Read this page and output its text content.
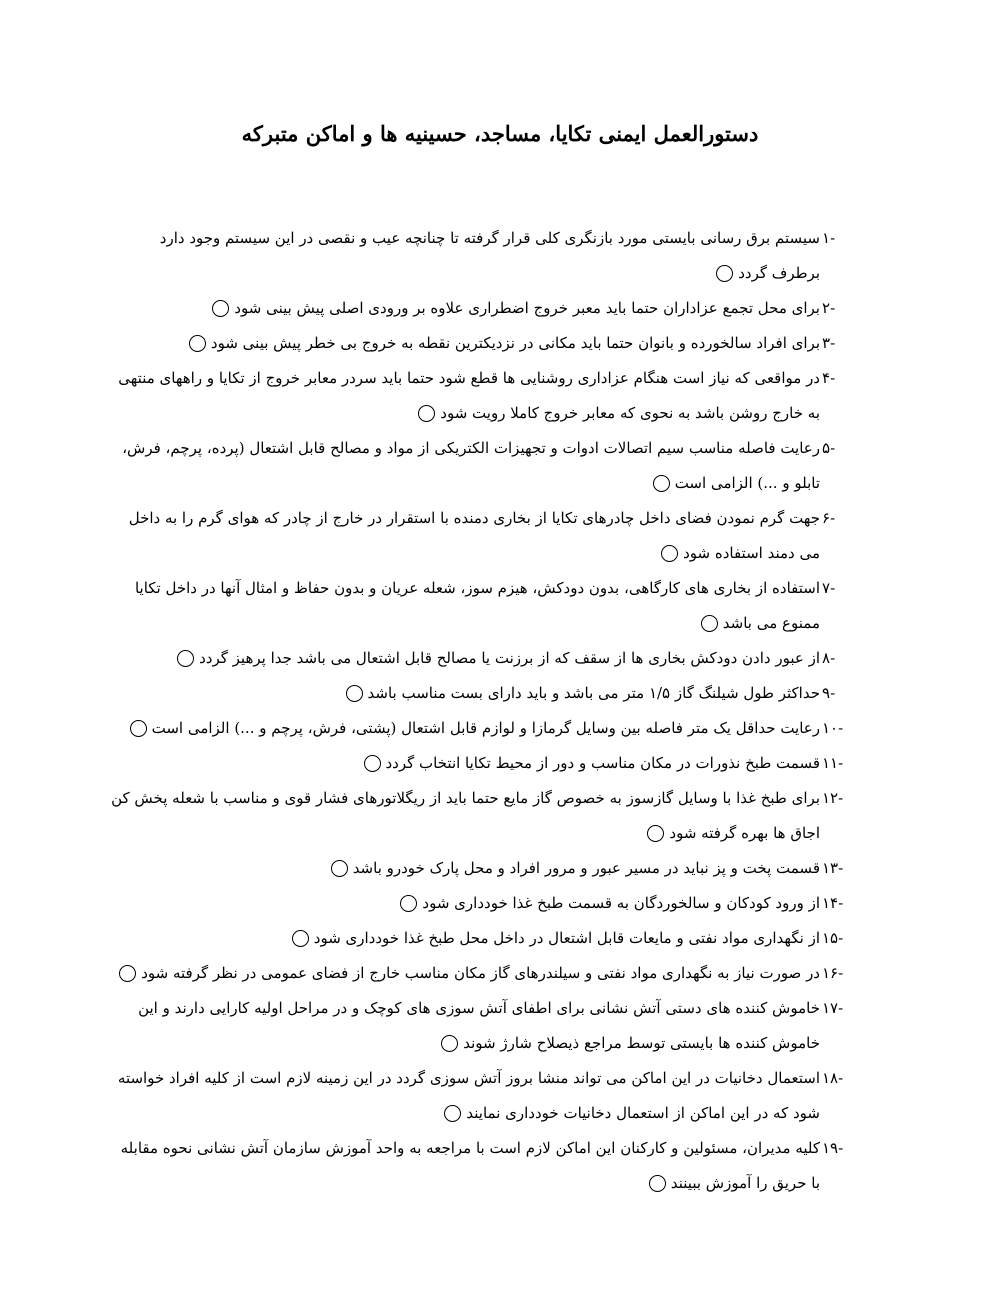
دستورالعمل ایمنی تکایا، مساجد، حسینیه ها و اماکن متبرکه
-۱
سیستم برق رسانی بایستی مورد بازنگری کلی قرار گرفته تا چنانچه عیب و نقصی در این سیستم وجود دارد برطرف گردد
-۲
برای محل تجمع عزاداران حتما باید معبر خروج اضطراری علاوه بر ورودی اصلی پیش بینی شود
-۳
برای افراد سالخورده و بانوان حتما باید مکانی در نزدیکترین نقطه به خروج بی خطر پیش بینی شود
-۴
در مواقعی که نیاز است هنگام عزاداری روشنایی ها قطع شود حتما باید سردر معابر خروج از تکایا و راههای منتهی به خارج روشن باشد به نحوی که معابر خروج کاملا رویت شود
-۵
رعایت فاصله مناسب سیم اتصالات ادوات و تجهیزات الکتریکی از مواد و مصالح قابل اشتعال (پرده، پرچم، فرش، تابلو و ...) الزامی است
-۶
جهت گرم نمودن فضای داخل چادرهای تکایا از بخاری دمنده با استقرار در خارج از چادر که هوای گرم را به داخل می دمند استفاده شود
-۷
استفاده از بخاری های کارگاهی، بدون دودکش، هیزم سوز، شعله عریان و بدون حفاظ و امثال آنها در داخل تکایا ممنوع می باشد
-۸
از عبور دادن دودکش بخاری ها از سقف که از برزنت یا مصالح قابل اشتعال می باشد جدا پرهیز گردد
-۹
حداکثر طول شیلنگ گاز ۱/۵ متر می باشد و باید دارای بست مناسب باشد
-۱۰
رعایت حداقل یک متر فاصله بین وسایل گرمازا و لوازم قابل اشتعال (پشتی، فرش، پرچم و ...) الزامی است
-۱۱
قسمت طبخ نذورات در مکان مناسب و دور از محیط تکایا انتخاب گردد
-۱۲
برای طبخ غذا با وسایل گازسوز به خصوص گاز مایع حتما باید از ریگلاتورهای فشار قوی و مناسب با شعله پخش کن اجاق ها بهره گرفته شود
-۱۳
قسمت پخت و پز نباید در مسیر عبور و مرور افراد و محل پارک خودرو باشد
-۱۴
از ورود کودکان و سالخوردگان به قسمت طبخ غذا خودداری شود
-۱۵
از نگهداری مواد نفتی و مایعات قابل اشتعال در داخل محل طبخ غذا خودداری شود
-۱۶
در صورت نیاز به نگهداری مواد نفتی و سیلندرهای گاز مکان مناسب خارج از فضای عمومی در نظر گرفته شود
-۱۷
خاموش کننده های دستی آتش نشانی برای اطفای آتش سوزی های کوچک و در مراحل اولیه کارایی دارند و این خاموش کننده ها بایستی توسط مراجع ذیصلاح شارژ شوند
-۱۸
استعمال دخانیات در این اماکن می تواند منشا بروز آتش سوزی گردد در این زمینه لازم است از کلیه افراد خواسته شود که در این اماکن از استعمال دخانیات خودداری نمایند
-۱۹
کلیه مدیران، مسئولین و کارکنان این اماکن لازم است با مراجعه به واحد آموزش سازمان آتش نشانی نحوه مقابله با حریق را آموزش ببینند
